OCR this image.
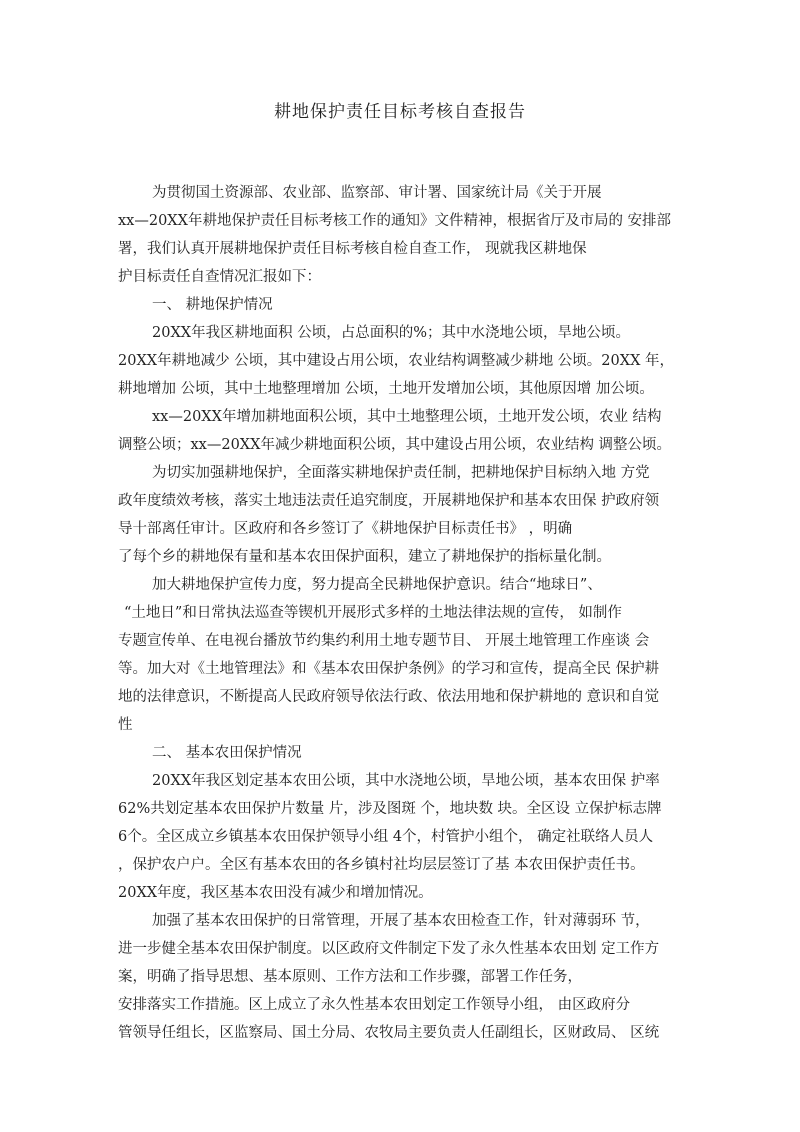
耕地保护责任目标考核自查报告
为贯彻国土资源部、农业部、监察部、审计署、国家统计局《关于开展
xx—20XX年耕地保护责任目标考核工作的通知》文件精神，根据省厅及市局的 安排部
署，我们认真开展耕地保护责任目标考核自检自查工作， 现就我区耕地保
护目标责任自查情况汇报如下：
一、 耕地保护情况
20XX年我区耕地面积 公顷，占总面积的%；其中水浇地公顷，旱地公顷。
20XX年耕地减少 公顷，其中建设占用公顷，农业结构调整减少耕地 公顷。20XX 年，
耕地增加 公顷，其中土地整理增加 公顷，土地开发增加公顷，其他原因增 加公顷。
xx—20XX年增加耕地面积公顷，其中土地整理公顷，土地开发公顷，农业 结构
调整公顷；xx—20XX年减少耕地面积公顷，其中建设占用公顷，农业结构 调整公顷。
为切实加强耕地保护，全面落实耕地保护责任制，把耕地保护目标纳入地 方党
政年度绩效考核，落实土地违法责任追究制度，开展耕地保护和基本农田保 护政府领
导十部离任审计。区政府和各乡签订了《耕地保护目标责任书》 ，明确
了每个乡的耕地保有量和基本农田保护面积，建立了耕地保护的指标量化制。
加大耕地保护宣传力度，努力提高全民耕地保护意识。结合“地球日”、
“土地日”和日常执法巡查等锲机开展形式多样的土地法律法规的宣传， 如制作
专题宣传单、在电视台播放节约集约利用土地专题节目、 开展土地管理工作座谈 会
等。加大对《土地管理法》和《基本农田保护条例》的学习和宣传，提高全民 保护耕
地的法律意识，不断提高人民政府领导依法行政、依法用地和保护耕地的 意识和自觉
性
二、 基本农田保护情况
20XX年我区划定基本农田公顷，其中水浇地公顷，旱地公顷，基本农田保 护率
62%共划定基本农田保护片数量 片，涉及图斑 个，地块数 块。全区设 立保护标志牌
6个。全区成立乡镇基本农田保护领导小组 4个，村管护小组个， 确定社联络人员人
，保护农户户。全区有基本农田的各乡镇村社均层层签订了基 本农田保护责任书。
20XX年度，我区基本农田没有减少和增加情况。
加强了基本农田保护的日常管理，开展了基本农田检查工作，针对薄弱环 节，
进一步健全基本农田保护制度。以区政府文件制定下发了永久性基本农田划 定工作方
案，明确了指导思想、基本原则、工作方法和工作步骤，部署工作任务，
安排落实工作措施。区上成立了永久性基本农田划定工作领导小组， 由区政府分
管领导任组长，区监察局、国土分局、农牧局主要负责人任副组长，区财政局、 区统
